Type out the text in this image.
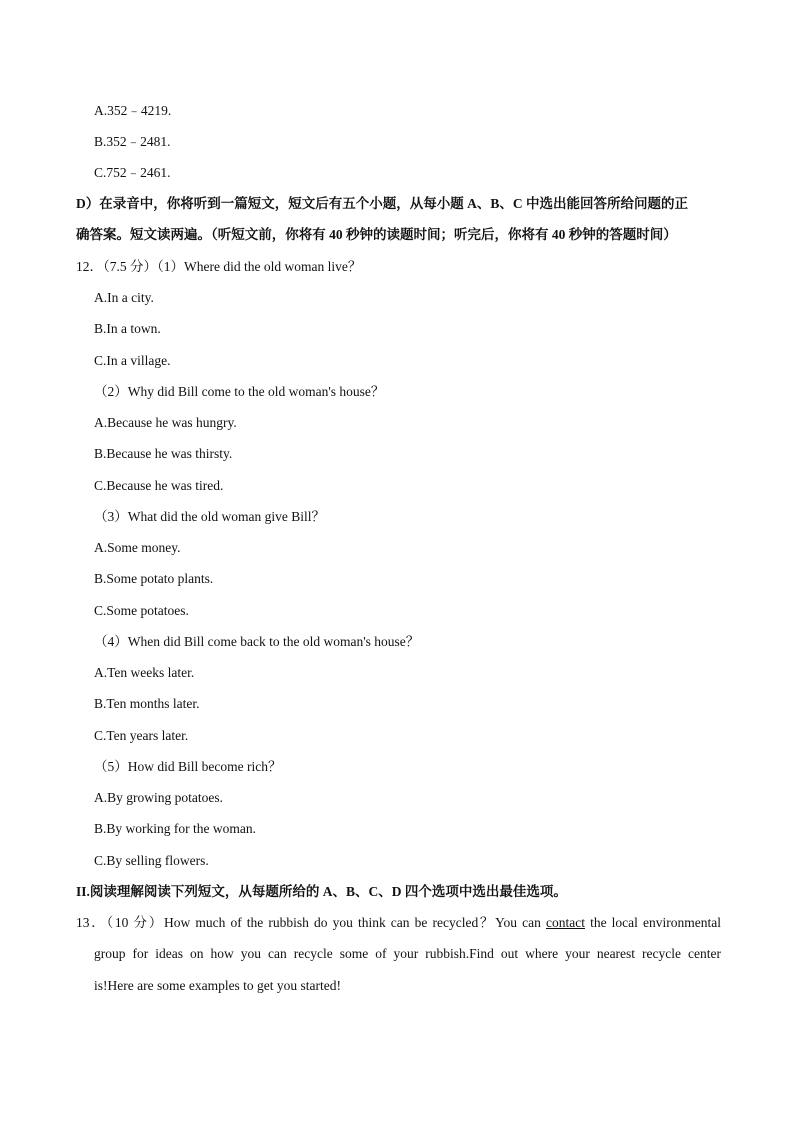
A.352﹣4219.
B.352﹣2481.
C.752﹣2461.
D）在录音中，你将听到一篇短文，短文后有五个小题，从每小题 A、B、C 中选出能回答所给问题的正
确答案。短文读两遍。（听短文前，你将有 40 秒钟的读题时间；听完后，你将有 40 秒钟的答题时间）
12．（7.5 分）（1）Where did the old woman live？
A.In a city.
B.In a town.
C.In a village.
（2）Why did Bill come to the old woman's house？
A.Because he was hungry.
B.Because he was thirsty.
C.Because he was tired.
（3）What did the old woman give Bill？
A.Some money.
B.Some potato plants.
C.Some potatoes.
（4）When did Bill come back to the old woman's house？
A.Ten weeks later.
B.Ten months later.
C.Ten years later.
（5）How did Bill become rich？
A.By growing potatoes.
B.By working for the woman.
C.By selling flowers.
II.阅读理解阅读下列短文，从每题所给的 A、B、C、D 四个选项中选出最佳选项。
13．（10 分）How much of the rubbish do you think can be recycled？You can contact the local environmental
group for ideas on how you can recycle some of your rubbish.Find out where your nearest recycle center
is!Here are some examples to get you started!
